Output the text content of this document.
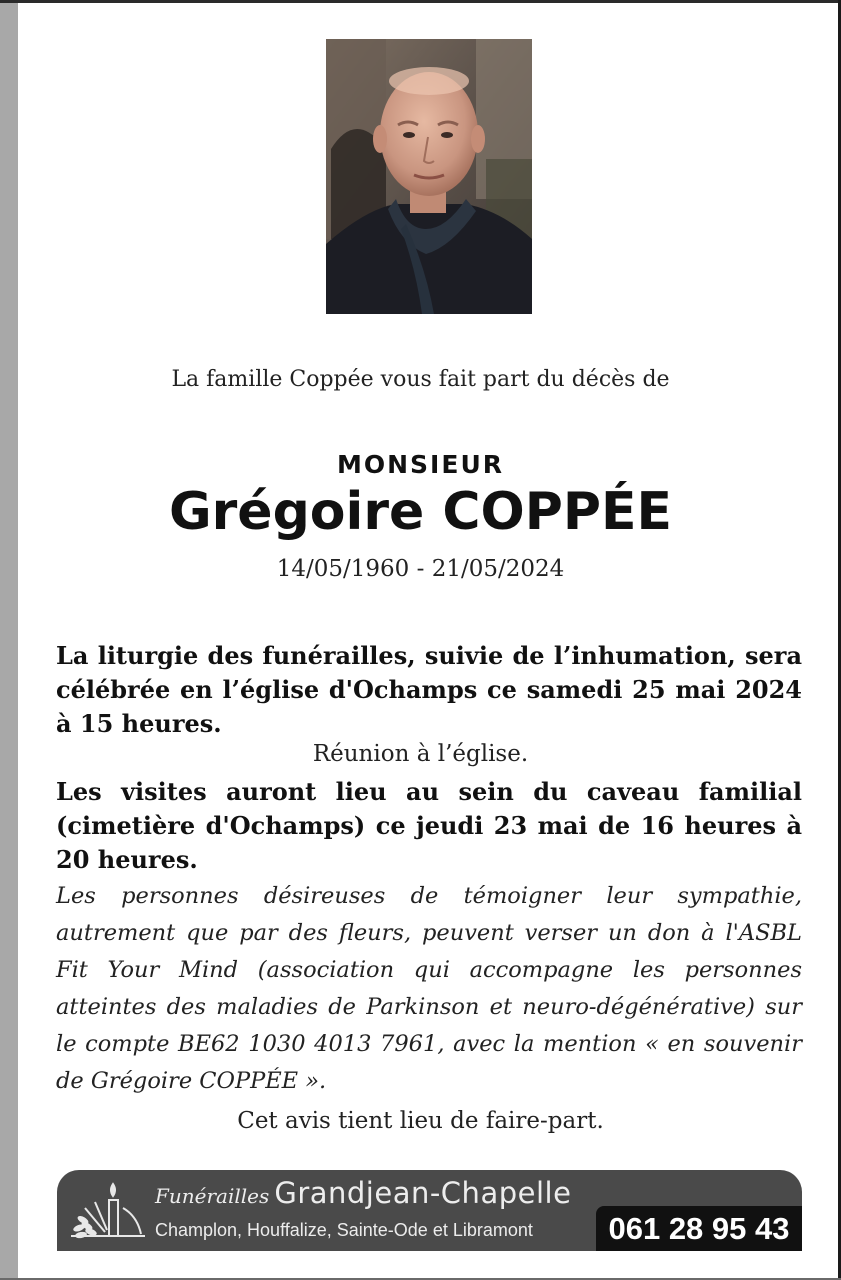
La famille Coppée vous fait part du décès de
MONSIEUR
Grégoire COPPÉE
14/05/1960 - 21/05/2024
La liturgie des funérailles, suivie de l’inhumation, sera célébrée en l’église d'Ochamps ce samedi 25 mai 2024 à 15 heures.
Réunion à l’église.
Les visites auront lieu au sein du caveau familial (cimetière d'Ochamps) ce jeudi 23 mai de 16 heures à 20 heures.
Les personnes désireuses de témoigner leur sympathie, autrement que par des fleurs, peuvent verser un don à l'ASBL Fit Your Mind (association qui accompagne les personnes atteintes des maladies de Parkinson et neuro-dégénérative) sur le compte BE62 1030 4013 7961, avec la mention « en souvenir de Grégoire COPPÉE ».
Cet avis tient lieu de faire-part.
Funérailles Grandjean-Chapelle
Champlon, Houffalize, Sainte-Ode et Libramont	061 28 95 43
